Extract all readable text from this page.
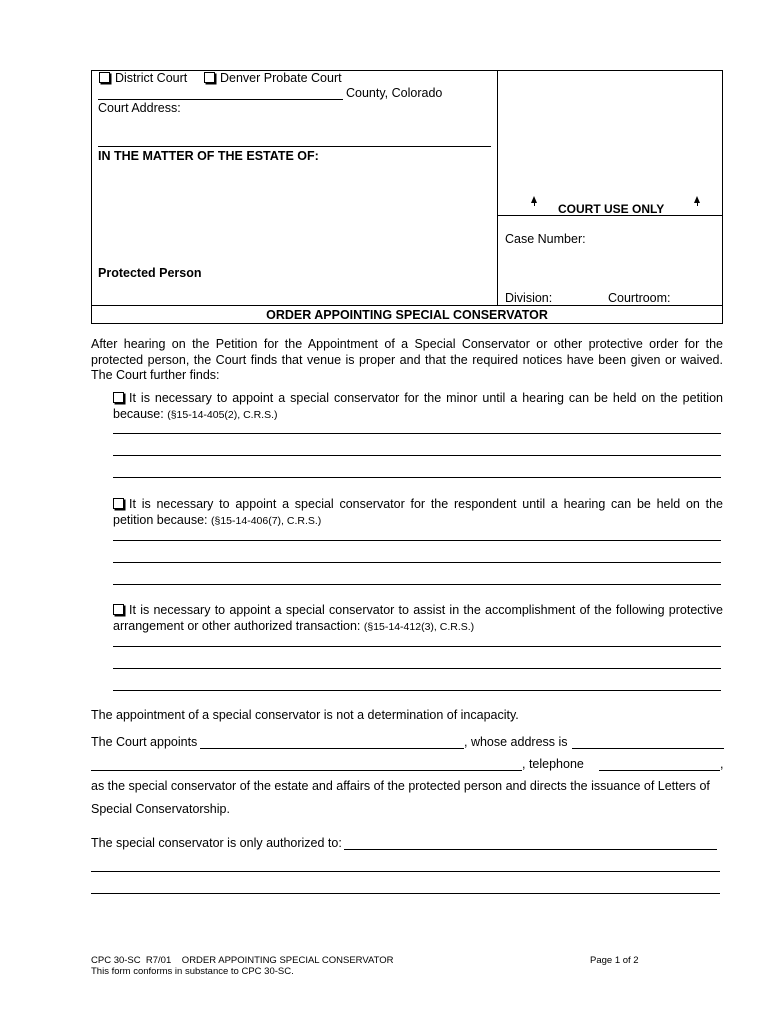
District Court	Denver Probate Court
County, Colorado
Court Address:
IN THE MATTER OF THE ESTATE OF:
Protected Person
COURT USE ONLY
Case Number:
Division:	Courtroom:
ORDER APPOINTING SPECIAL CONSERVATOR
After hearing on the Petition for the Appointment of a Special Conservator or other protective order for the protected person, the Court finds that venue is proper and that the required notices have been given or waived. The Court further finds:
It is necessary to appoint a special conservator for the minor until a hearing can be held on the petition because: (§15-14-405(2), C.R.S.)
It is necessary to appoint a special conservator for the respondent until a hearing can be held on the petition because: (§15-14-406(7), C.R.S.)
It is necessary to appoint a special conservator to assist in the accomplishment of the following protective arrangement or other authorized transaction: (§15-14-412(3), C.R.S.)
The appointment of a special conservator is not a determination of incapacity.
The Court appoints	, whose address is
, telephone	,
as the special conservator of the estate and affairs of the protected person and directs the issuance of Letters of
Special Conservatorship.
The special conservator is only authorized to:
CPC 30-SC  R7/01    ORDER APPOINTING SPECIAL CONSERVATOR
This form conforms in substance to CPC 30-SC.
Page 1 of 2
